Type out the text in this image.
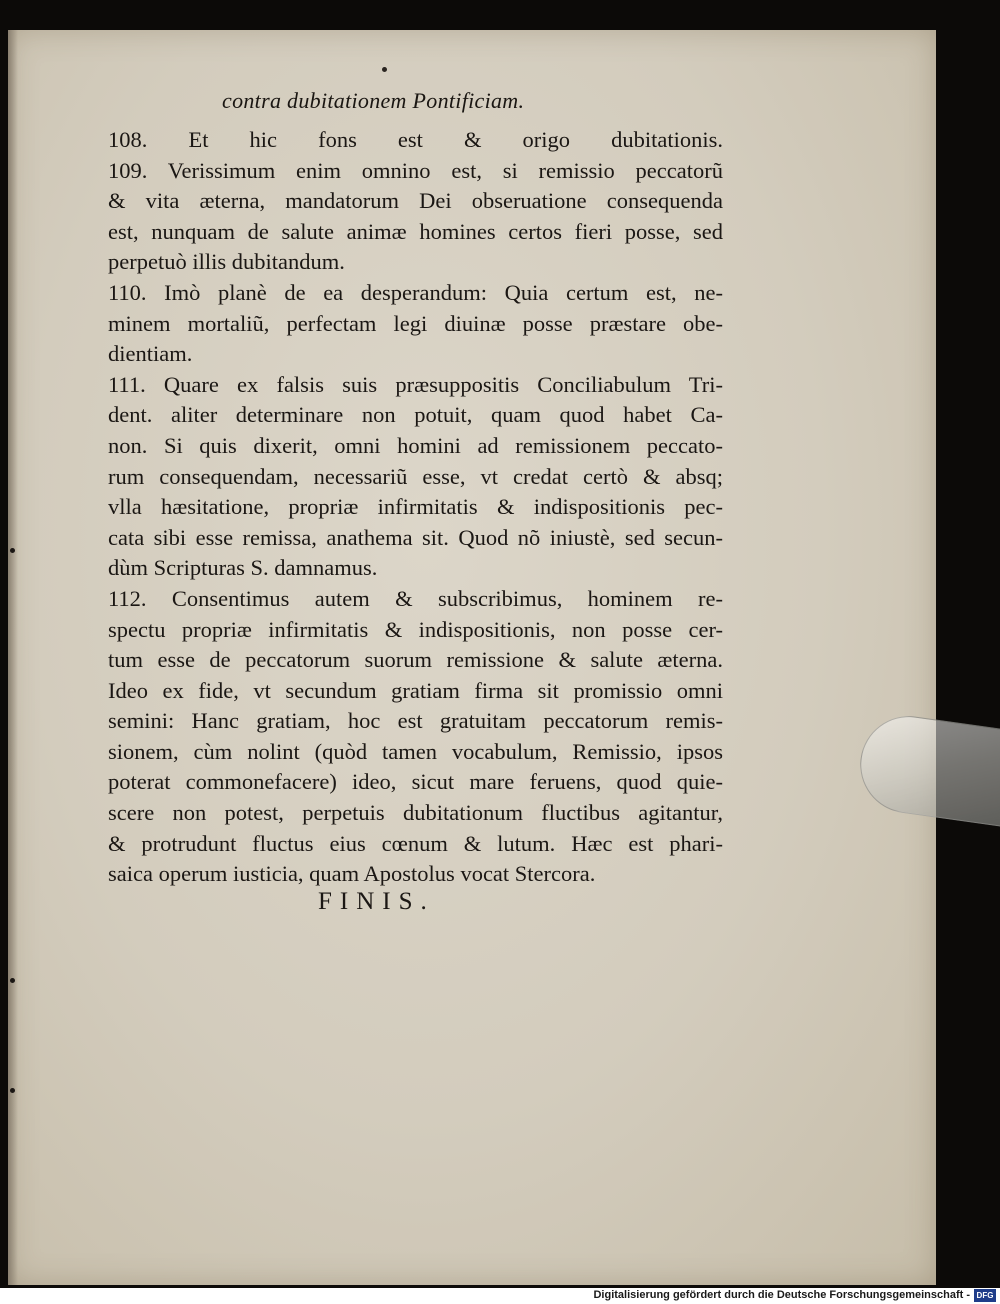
contra dubitationem Pontificiam.
108. Et hic fons est & origo dubitationis.
109. Verissimum enim omnino est, si remissio peccatorũ
& vita æterna, mandatorum Dei obseruatione consequenda
est, nunquam de salute animæ homines certos fieri posse, sed
perpetuò illis dubitandum.
110. Imò planè de ea desperandum: Quia certum est, ne-
minem mortaliũ, perfectam legi diuinæ posse præstare obe-
dientiam.
111. Quare ex falsis suis præsuppositis Conciliabulum Tri-
dent. aliter determinare non potuit, quam quod habet Ca-
non. Si quis dixerit, omni homini ad remissionem peccato-
rum consequendam, necessariũ esse, vt credat certò & absq;
vlla hæsitatione, propriæ infirmitatis & indispositionis pec-
cata sibi esse remissa, anathema sit. Quod nõ iniustè, sed secun-
dùm Scripturas S. damnamus.
112. Consentimus autem & subscribimus, hominem re-
spectu propriæ infirmitatis & indispositionis, non posse cer-
tum esse de peccatorum suorum remissione & salute æterna.
Ideo ex fide, vt secundum gratiam firma sit promissio omni
semini: Hanc gratiam, hoc est gratuitam peccatorum remis-
sionem, cùm nolint (quòd tamen vocabulum, Remissio, ipsos
poterat commonefacere) ideo, sicut mare feruens, quod quie-
scere non potest, perpetuis dubitationum fluctibus agitantur,
& protrudunt fluctus eius cœnum & lutum. Hæc est phari-
saica operum iusticia, quam Apostolus vocat Stercora.
FINIS.
Digitalisierung gefördert durch die Deutsche Forschungsgemeinschaft - DFG
